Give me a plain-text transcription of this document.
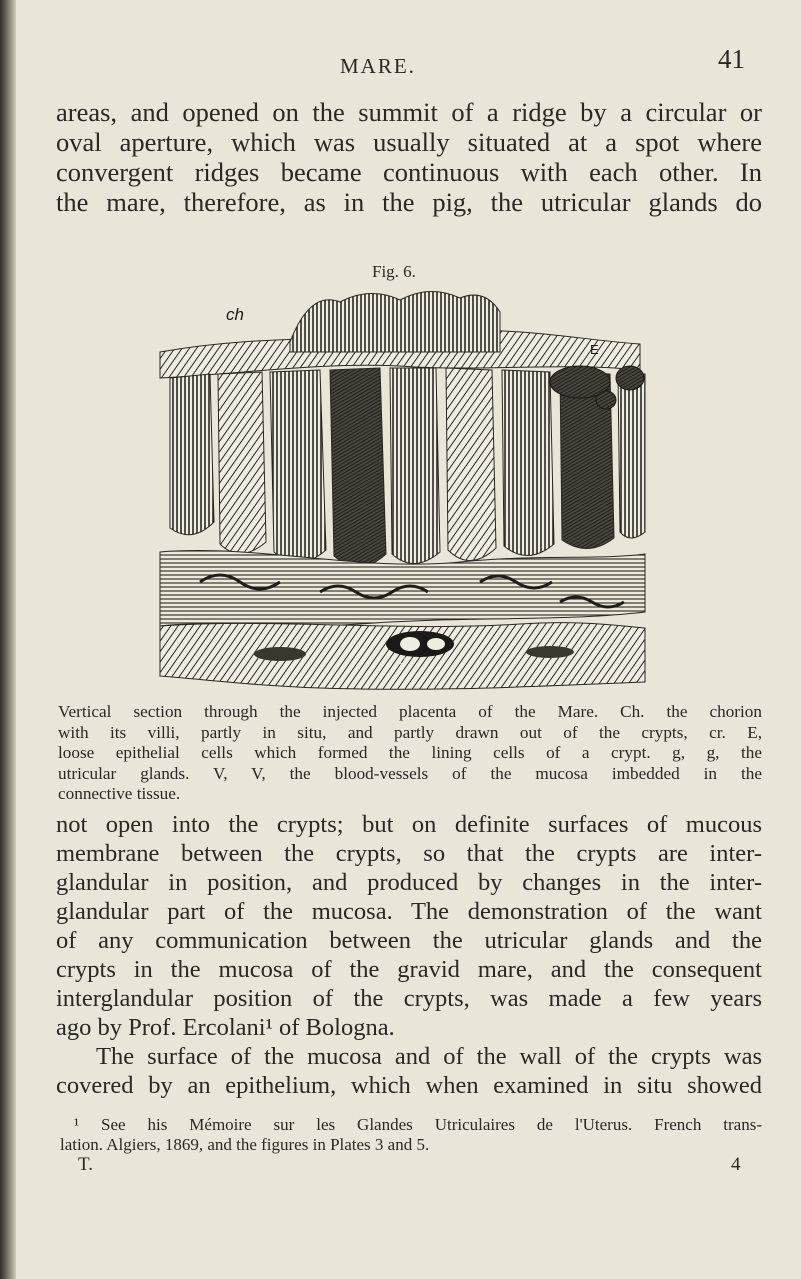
MARE.	41
areas, and opened on the summit of a ridge by a circular or
oval aperture, which was usually situated at a spot where
convergent ridges became continuous with each other. In
the mare, therefore, as in the pig, the utricular glands do
Fig. 6.
ch
E
V
Vertical section through the injected placenta of the Mare. Ch. the chorion
with its villi, partly in situ, and partly drawn out of the crypts, cr. E,
loose epithelial cells which formed the lining cells of a crypt. g, g, the
utricular glands. V, V, the blood-vessels of the mucosa imbedded in the
connective tissue.
not open into the crypts; but on definite surfaces of mucous
membrane between the crypts, so that the crypts are inter-
glandular in position, and produced by changes in the inter-
glandular part of the mucosa. The demonstration of the want
of any communication between the utricular glands and the
crypts in the mucosa of the gravid mare, and the consequent
interglandular position of the crypts, was made a few years
ago by Prof. Ercolani¹ of Bologna.
The surface of the mucosa and of the wall of the crypts was
covered by an epithelium, which when examined in situ showed
¹ See his Mémoire sur les Glandes Utriculaires de l'Uterus. French trans-
lation. Algiers, 1869, and the figures in Plates 3 and 5.
T.	4
